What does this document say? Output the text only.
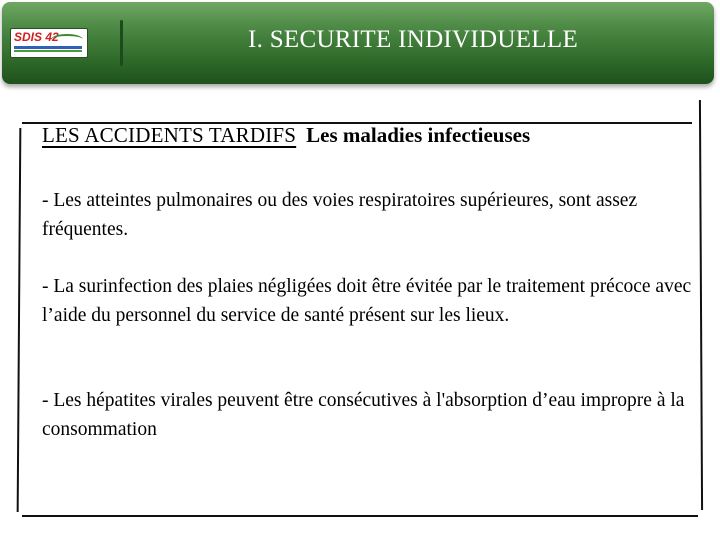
SDIS 42	I. SECURITE INDIVIDUELLE
LES ACCIDENTS TARDIFS Les maladies infectieuses
- Les atteintes pulmonaires ou des voies respiratoires supérieures, sont assez fréquentes.
- La surinfection des plaies négligées doit être évitée par le traitement précoce avec l’aide du personnel du service de santé présent sur les lieux.
- Les hépatites virales peuvent être consécutives à l'absorption d’eau impropre à la consommation
